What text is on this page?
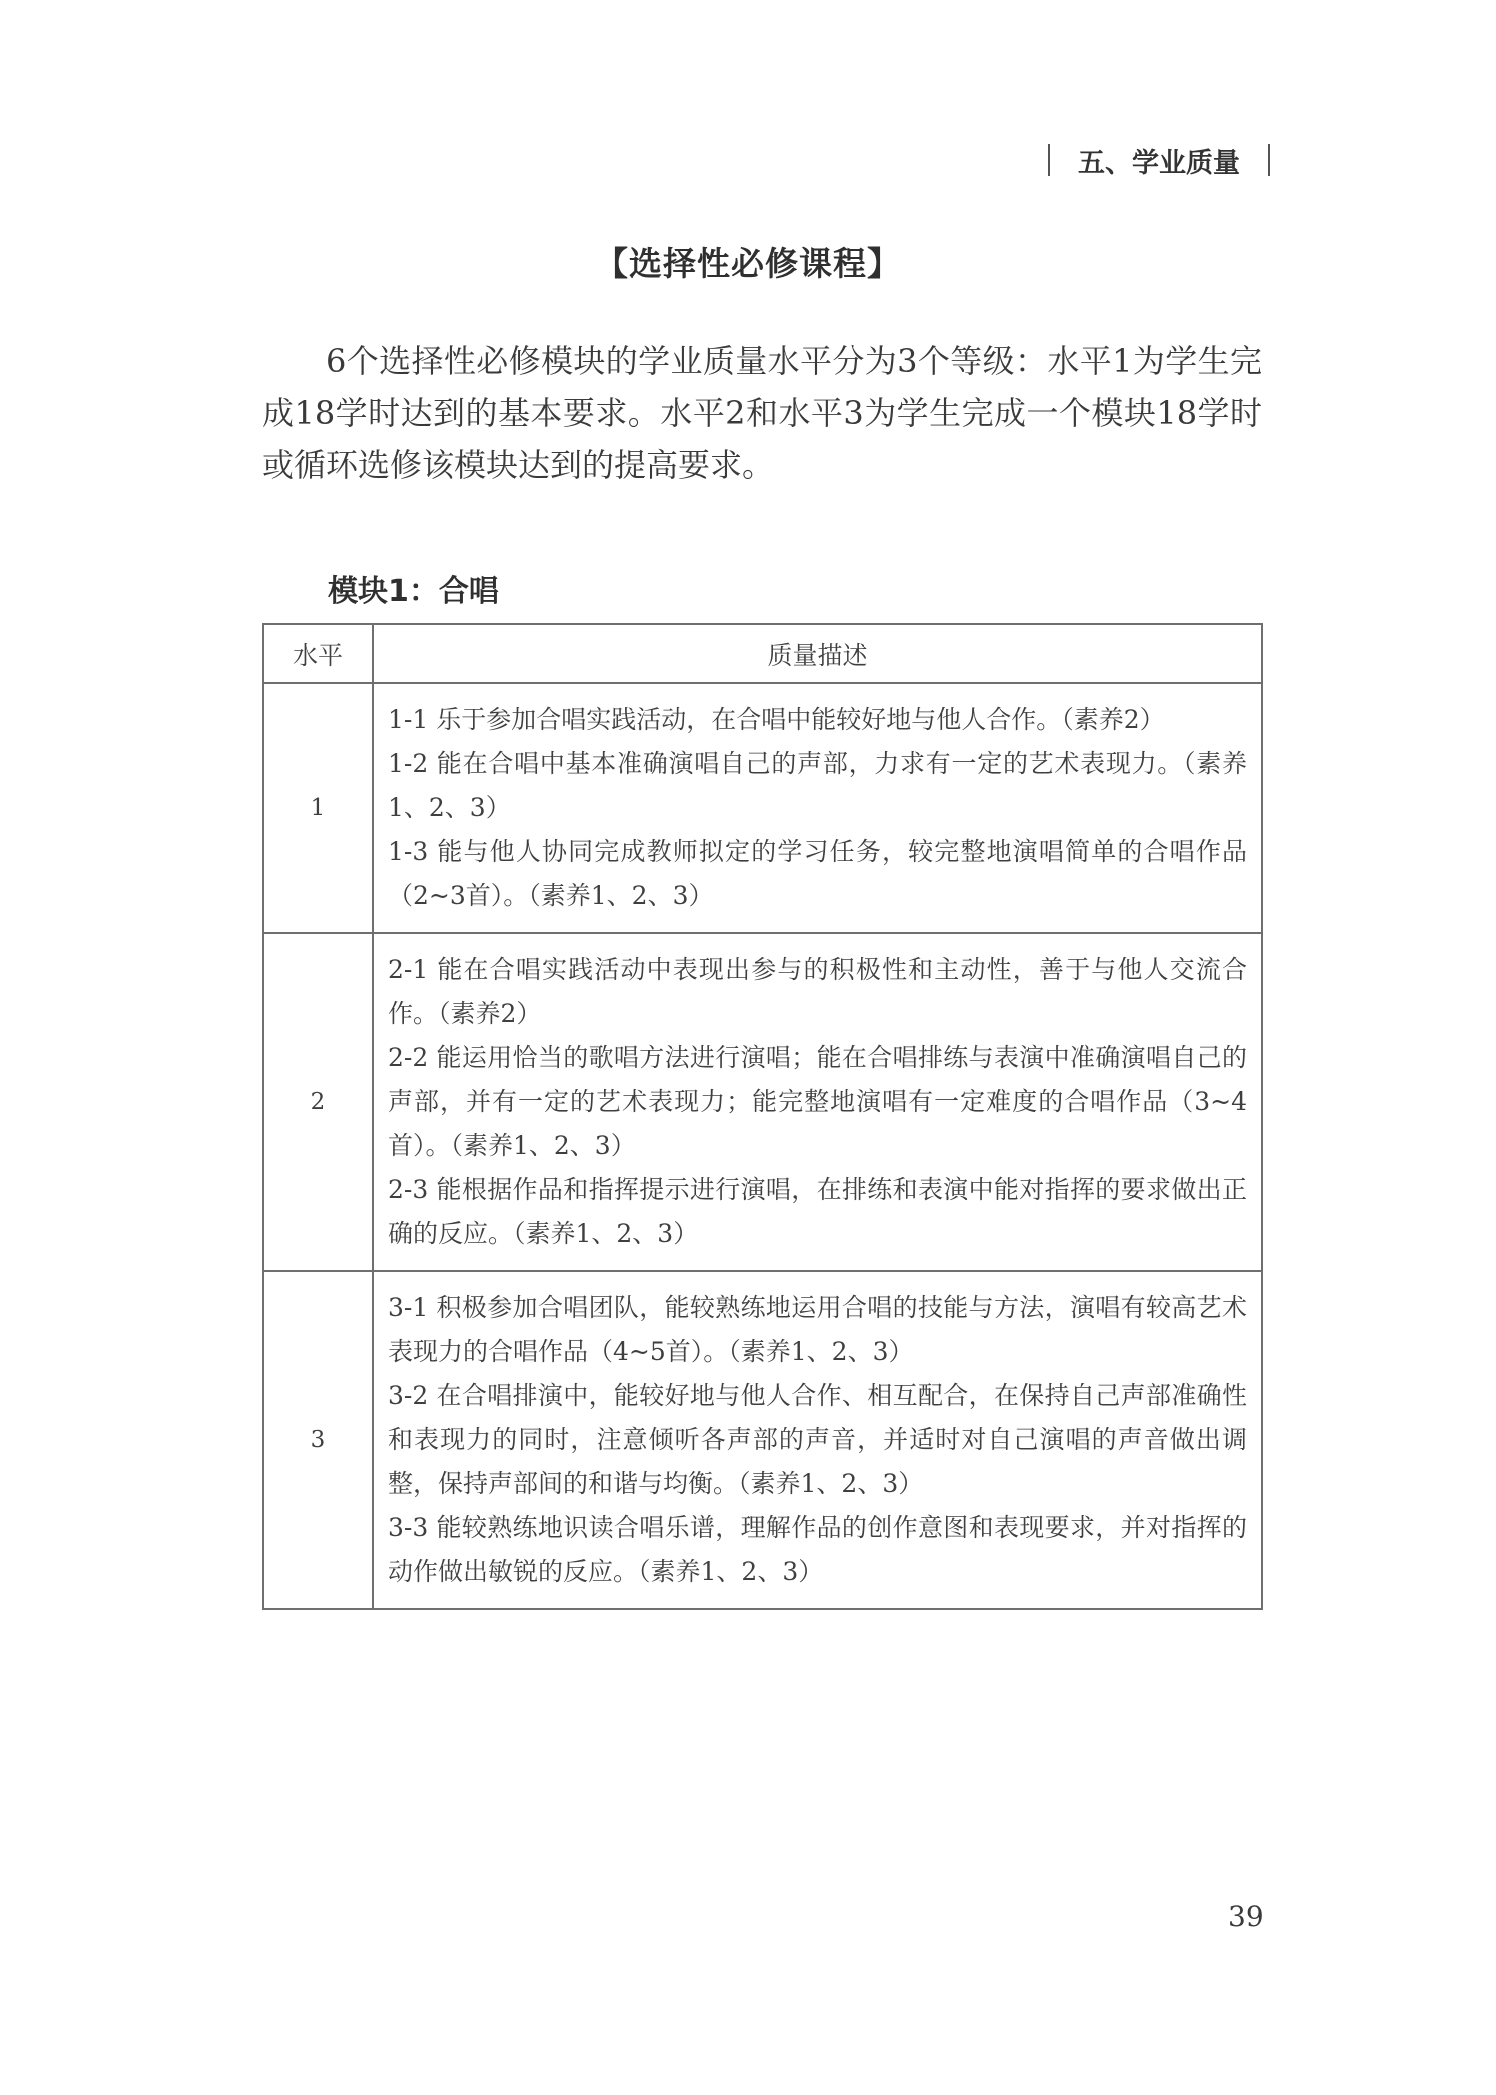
五、学业质量
【选择性必修课程】

6个选择性必修模块的学业质量水平分为3个等级：水平1为学生完成18学时达到的基本要求。水平2和水平3为学生完成一个模块18学时或循环选修该模块达到的提高要求。

模块1：合唱
水平	质量描述
1	1-1 乐于参加合唱实践活动，在合唱中能较好地与他人合作。（素养2）

1-2 能在合唱中基本准确演唱自己的声部，力求有一定的艺术表现力。（素养1、2、3）

1-3 能与他人协同完成教师拟定的学习任务，较完整地演唱简单的合唱作品（2~3首）。（素养1、2、3）

2	2-1 能在合唱实践活动中表现出参与的积极性和主动性，善于与他人交流合作。（素养2）

2-2 能运用恰当的歌唱方法进行演唱；能在合唱排练与表演中准确演唱自己的声部，并有一定的艺术表现力；能完整地演唱有一定难度的合唱作品（3~4首）。（素养1、2、3）

2-3 能根据作品和指挥提示进行演唱，在排练和表演中能对指挥的要求做出正确的反应。（素养1、2、3）

3	3-1 积极参加合唱团队，能较熟练地运用合唱的技能与方法，演唱有较高艺术表现力的合唱作品（4~5首）。（素养1、2、3）

3-2 在合唱排演中，能较好地与他人合作、相互配合，在保持自己声部准确性和表现力的同时，注意倾听各声部的声音，并适时对自己演唱的声音做出调整，保持声部间的和谐与均衡。（素养1、2、3）

3-3 能较熟练地识读合唱乐谱，理解作品的创作意图和表现要求，并对指挥的动作做出敏锐的反应。（素养1、2、3）

39
